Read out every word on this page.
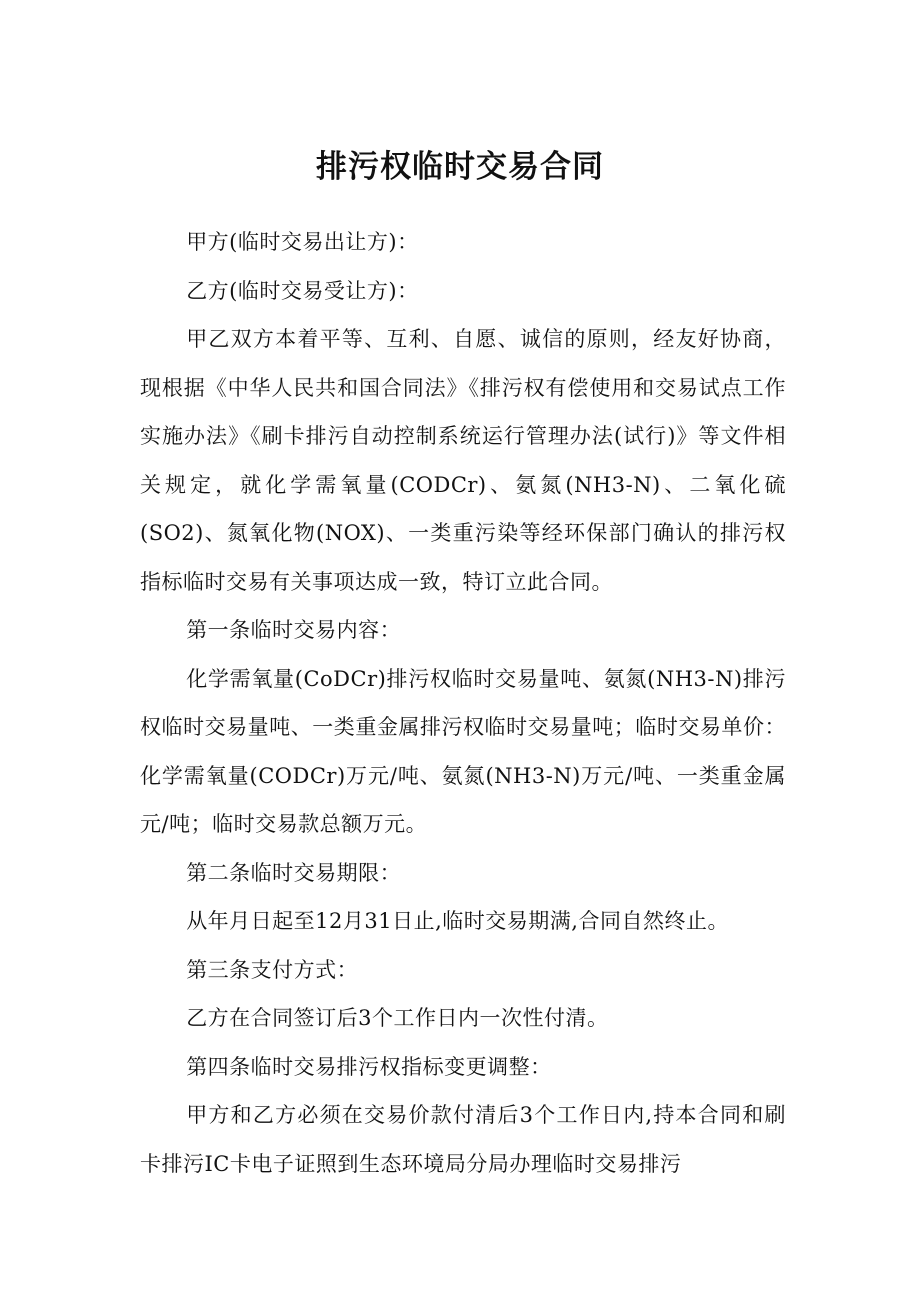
排污权临时交易合同

甲方(临时交易出让方)：

乙方(临时交易受让方)：

甲乙双方本着平等、互利、自愿、诚信的原则，经友好协商，现根据《中华人民共和国合同法》《排污权有偿使用和交易试点工作实施办法》《刷卡排污自动控制系统运行管理办法(试行)》等文件相关规定，就化学需氧量(CODCr)、氨氮(NH3-N)、二氧化硫(SO2)、氮氧化物(NOX)、一类重污染等经环保部门确认的排污权指标临时交易有关事项达成一致，特订立此合同。

第一条临时交易内容：

化学需氧量(CoDCr)排污权临时交易量吨、氨氮(NH3-N)排污权临时交易量吨、一类重金属排污权临时交易量吨；临时交易单价：化学需氧量(CODCr)万元/吨、氨氮(NH3-N)万元/吨、一类重金属元/吨；临时交易款总额万元。

第二条临时交易期限：

从年月日起至12月31日止,临时交易期满,合同自然终止。

第三条支付方式：

乙方在合同签订后3个工作日内一次性付清。

第四条临时交易排污权指标变更调整：

甲方和乙方必须在交易价款付清后3个工作日内,持本合同和刷卡排污IC卡电子证照到生态环境局分局办理临时交易排污
